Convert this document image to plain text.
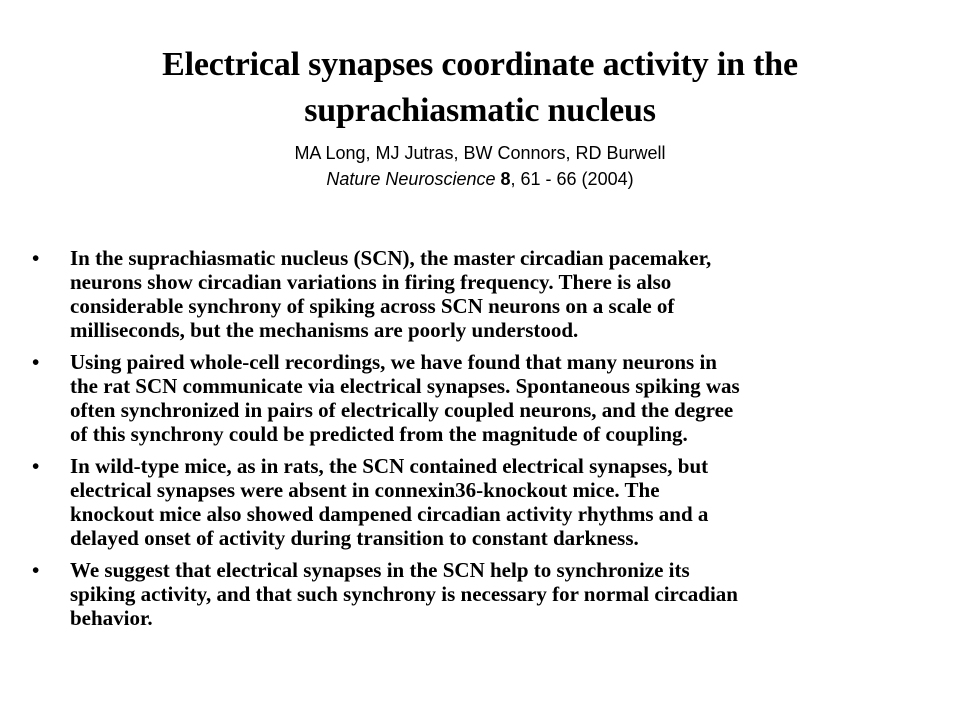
Electrical synapses coordinate activity in the
suprachiasmatic nucleus
MA Long, MJ Jutras, BW Connors, RD Burwell
Nature Neuroscience 8, 61 - 66 (2004)
•	In the suprachiasmatic nucleus (SCN), the master circadian pacemaker,
neurons show circadian variations in firing frequency. There is also
considerable synchrony of spiking across SCN neurons on a scale of
milliseconds, but the mechanisms are poorly understood.
•	Using paired whole-cell recordings, we have found that many neurons in
the rat SCN communicate via electrical synapses. Spontaneous spiking was
often synchronized in pairs of electrically coupled neurons, and the degree
of this synchrony could be predicted from the magnitude of coupling.
•	In wild-type mice, as in rats, the SCN contained electrical synapses, but
electrical synapses were absent in connexin36-knockout mice. The
knockout mice also showed dampened circadian activity rhythms and a
delayed onset of activity during transition to constant darkness.
•	We suggest that electrical synapses in the SCN help to synchronize its
spiking activity, and that such synchrony is necessary for normal circadian
behavior.
